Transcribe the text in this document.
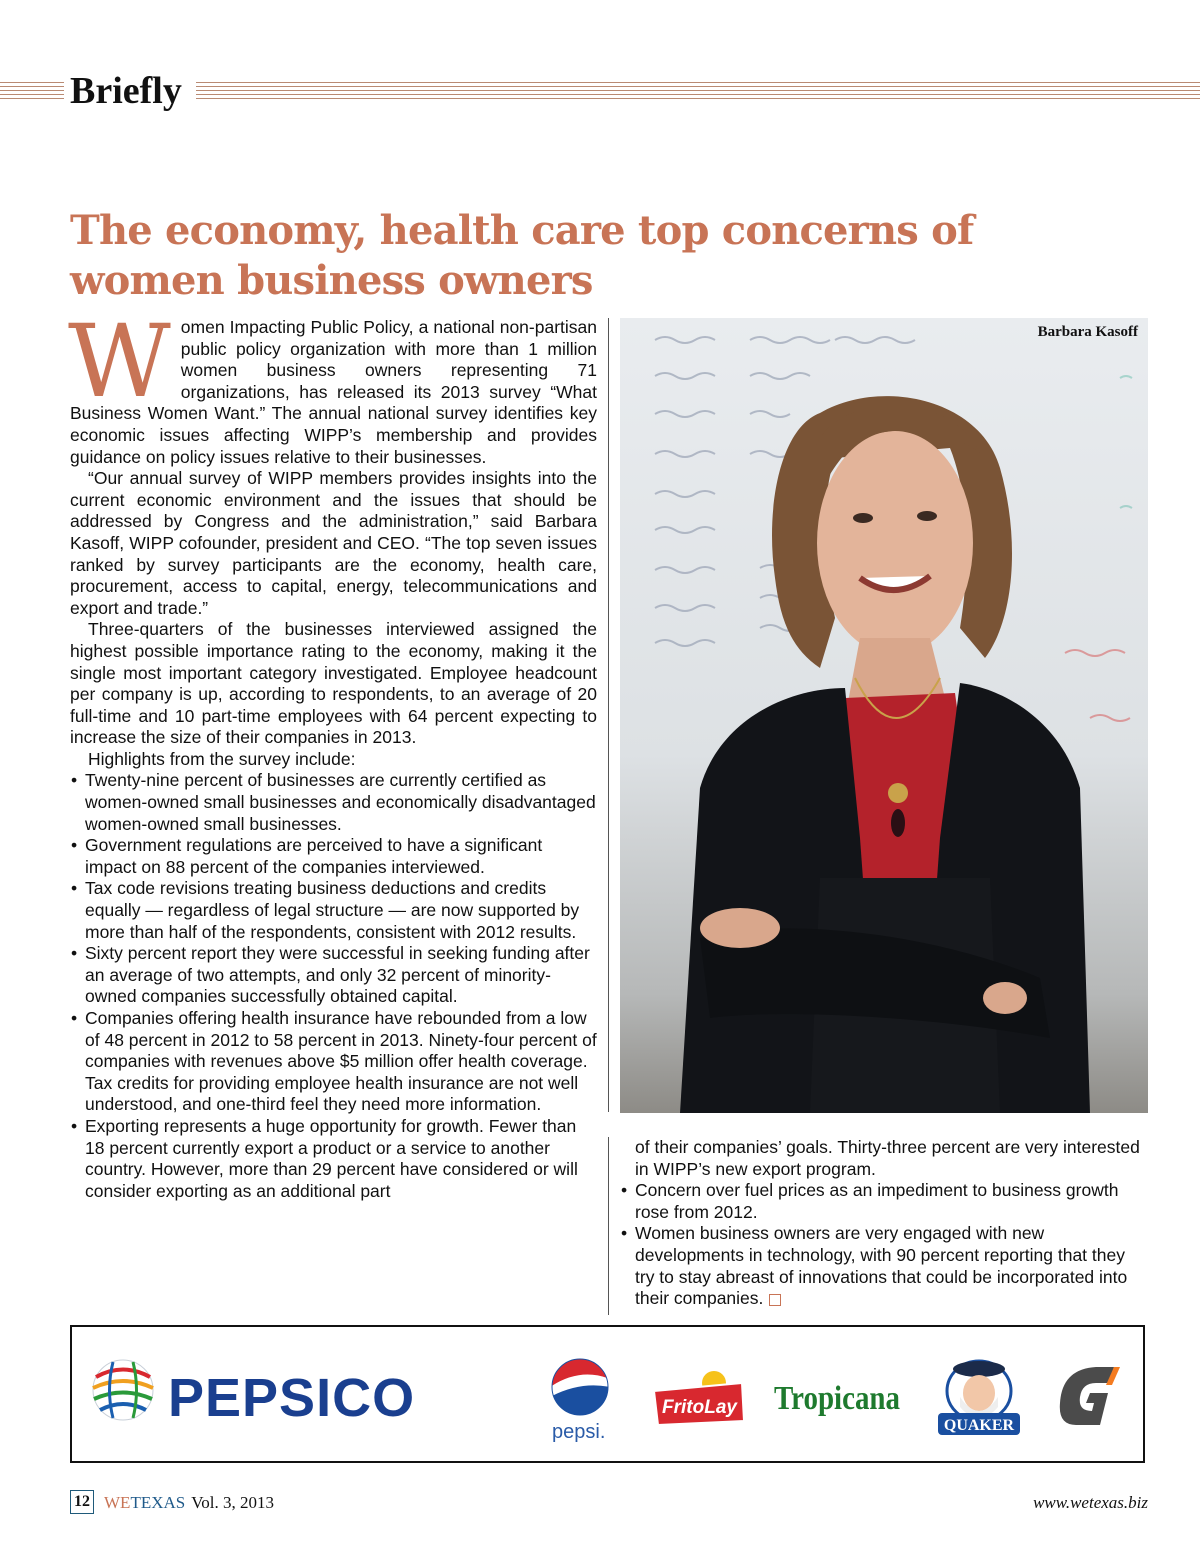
Briefly
The economy, health care top concerns of women business owners

Women Impacting Public Policy, a national non-partisan public policy organization with more than 1 million women business owners representing 71 organizations, has released its 2013 survey “What Business Women Want.” The annual national survey identifies key economic issues affecting WIPP’s membership and provides guidance on policy issues relative to their businesses.

“Our annual survey of WIPP members provides insights into the current economic environment and the issues that should be addressed by Congress and the administration,” said Barbara Kasoff, WIPP cofounder, president and CEO. “The top seven issues ranked by survey participants are the economy, health care, procurement, access to capital, energy, telecommunications and export and trade.”

Three-quarters of the businesses interviewed assigned the highest possible importance rating to the economy, making it the single most important category investigated. Employee headcount per company is up, according to respondents, to an average of 20 full-time and 10 part-time employees with 64 percent expecting to increase the size of their companies in 2013.

Highlights from the survey include:

• Twenty-nine percent of businesses are currently certified as women-owned small businesses and economically disadvantaged women-owned small businesses.
• Government regulations are perceived to have a significant impact on 88 percent of the companies interviewed.
• Tax code revisions treating business deductions and credits equally — regardless of legal structure — are now supported by more than half of the respondents, consistent with 2012 results.
• Sixty percent report they were successful in seeking funding after an average of two attempts, and only 32 percent of minority-owned companies successfully obtained capital.
• Companies offering health insurance have rebounded from a low of 48 percent in 2012 to 58 percent in 2013. Ninety-four percent of companies with revenues above $5 million offer health coverage. Tax credits for providing employee health insurance are not well understood, and one-third feel they need more information.
• Exporting represents a huge opportunity for growth. Fewer than 18 percent currently export a product or a service to another country. However, more than 29 percent have considered or will consider exporting as an additional part
Barbara Kasoff

of their companies’ goals. Thirty-three percent are very interested in WIPP’s new export program.

• Concern over fuel prices as an impediment to business growth rose from 2012.
• Women business owners are very engaged with new developments in technology, with 90 percent reporting that they try to stay abreast of innovations that could be incorporated into their companies.
PEPSICO
pepsi.
FritoLay Tropicana
QUAKER
12 WETEXAS Vol. 3, 2013	www.wetexas.biz
